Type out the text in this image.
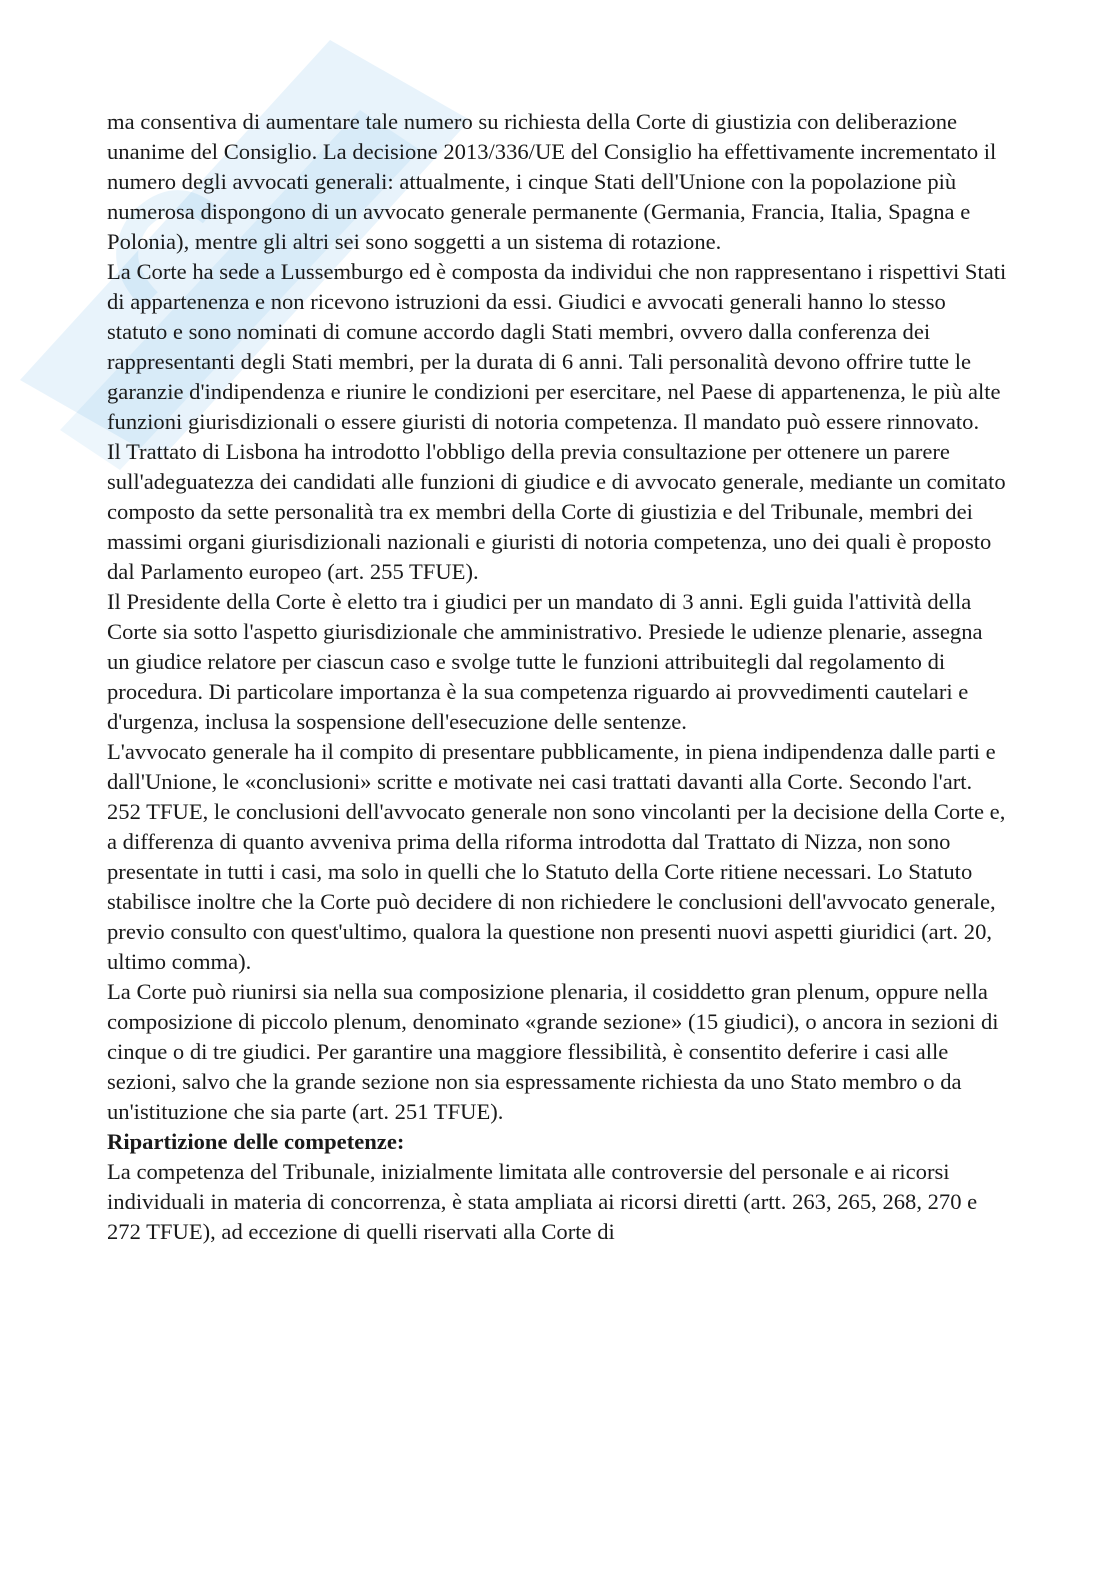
ma consentiva di aumentare tale numero su richiesta della Corte di giustizia con deliberazione unanime del Consiglio. La decisione 2013/336/UE del Consiglio ha effettivamente incrementato il numero degli avvocati generali: attualmente, i cinque Stati dell'Unione con la popolazione più numerosa dispongono di un avvocato generale permanente (Germania, Francia, Italia, Spagna e Polonia), mentre gli altri sei sono soggetti a un sistema di rotazione.

La Corte ha sede a Lussemburgo ed è composta da individui che non rappresentano i rispettivi Stati di appartenenza e non ricevono istruzioni da essi. Giudici e avvocati generali hanno lo stesso statuto e sono nominati di comune accordo dagli Stati membri, ovvero dalla conferenza dei rappresentanti degli Stati membri, per la durata di 6 anni. Tali personalità devono offrire tutte le garanzie d'indipendenza e riunire le condizioni per esercitare, nel Paese di appartenenza, le più alte funzioni giurisdizionali o essere giuristi di notoria competenza. Il mandato può essere rinnovato.

Il Trattato di Lisbona ha introdotto l'obbligo della previa consultazione per ottenere un parere sull'adeguatezza dei candidati alle funzioni di giudice e di avvocato generale, mediante un comitato composto da sette personalità tra ex membri della Corte di giustizia e del Tribunale, membri dei massimi organi giurisdizionali nazionali e giuristi di notoria competenza, uno dei quali è proposto dal Parlamento europeo (art. 255 TFUE).

Il Presidente della Corte è eletto tra i giudici per un mandato di 3 anni. Egli guida l'attività della Corte sia sotto l'aspetto giurisdizionale che amministrativo. Presiede le udienze plenarie, assegna un giudice relatore per ciascun caso e svolge tutte le funzioni attribuitegli dal regolamento di procedura. Di particolare importanza è la sua competenza riguardo ai provvedimenti cautelari e d'urgenza, inclusa la sospensione dell'esecuzione delle sentenze.

L'avvocato generale ha il compito di presentare pubblicamente, in piena indipendenza dalle parti e dall'Unione, le «conclusioni» scritte e motivate nei casi trattati davanti alla Corte. Secondo l'art. 252 TFUE, le conclusioni dell'avvocato generale non sono vincolanti per la decisione della Corte e, a differenza di quanto avveniva prima della riforma introdotta dal Trattato di Nizza, non sono presentate in tutti i casi, ma solo in quelli che lo Statuto della Corte ritiene necessari. Lo Statuto stabilisce inoltre che la Corte può decidere di non richiedere le conclusioni dell'avvocato generale, previo consulto con quest'ultimo, qualora la questione non presenti nuovi aspetti giuridici (art. 20, ultimo comma).

La Corte può riunirsi sia nella sua composizione plenaria, il cosiddetto gran plenum, oppure nella composizione di piccolo plenum, denominato «grande sezione» (15 giudici), o ancora in sezioni di cinque o di tre giudici. Per garantire una maggiore flessibilità, è consentito deferire i casi alle sezioni, salvo che la grande sezione non sia espressamente richiesta da uno Stato membro o da un'istituzione che sia parte (art. 251 TFUE).

Ripartizione delle competenze:

La competenza del Tribunale, inizialmente limitata alle controversie del personale e ai ricorsi individuali in materia di concorrenza, è stata ampliata ai ricorsi diretti (artt. 263, 265, 268, 270 e 272 TFUE), ad eccezione di quelli riservati alla Corte di
